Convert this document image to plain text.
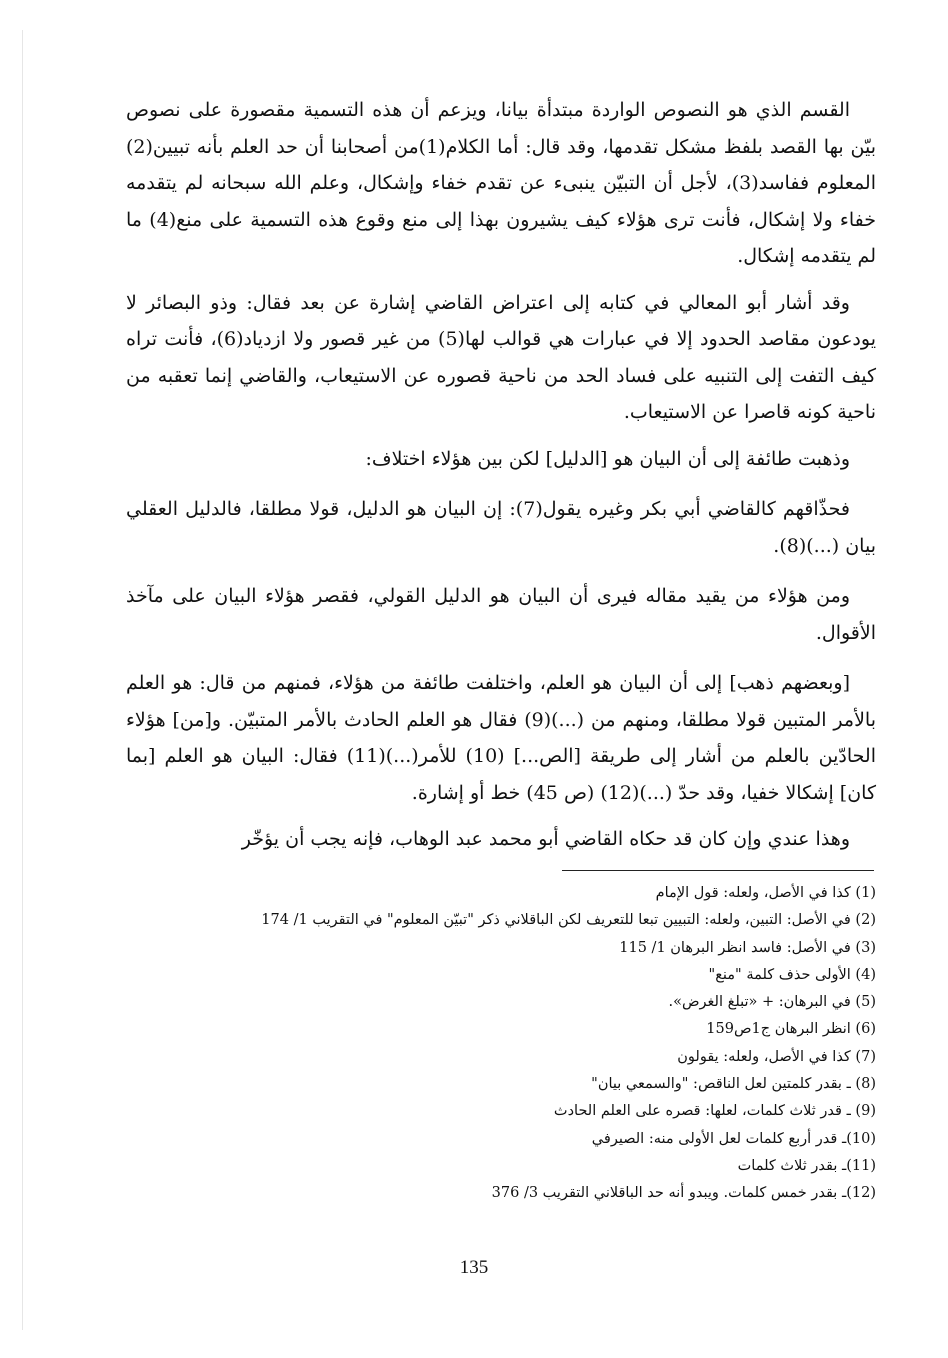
القسم الذي هو النصوص الواردة مبتدأة بيانا، ويزعم أن هذه التسمية مقصورة على نصوص بيّن بها القصد بلفظ مشكل تقدمها، وقد قال: أما الكلام(1)من أصحابنا أن حد العلم بأنه تبيين(2) المعلوم ففاسد(3)، لأجل أن التبيّن ينبىء عن تقدم خفاء وإشكال، وعلم الله سبحانه لم يتقدمه خفاء ولا إشكال، فأنت ترى هؤلاء كيف يشيرون بهذا إلى منع وقوع هذه التسمية على منع(4) ما لم يتقدمه إشكال.

وقد أشار أبو المعالي في كتابه إلى اعتراض القاضي إشارة عن بعد فقال: وذو البصائر لا يودعون مقاصد الحدود إلا في عبارات هي قوالب لها(5) من غير قصور ولا ازدياد(6)، فأنت تراه كيف التفت إلى التنبيه على فساد الحد من ناحية قصوره عن الاستيعاب، والقاضي إنما تعقبه من ناحية كونه قاصرا عن الاستيعاب.

وذهبت طائفة إلى أن البيان هو [الدليل] لكن بين هؤلاء اختلاف:

فحذّاقهم كالقاضي أبي بكر وغيره يقول(7): إن البيان هو الدليل، قولا مطلقا، فالدليل العقلي بيان (...)(8).

ومن هؤلاء من يقيد مقاله فيرى أن البيان هو الدليل القولي، فقصر هؤلاء البيان على مآخذ الأقوال.

[وبعضهم ذهب] إلى أن البيان هو العلم، واختلفت طائفة من هؤلاء، فمنهم من قال: هو العلم بالأمر المتبين قولا مطلقا، ومنهم من (...)(9) فقال هو العلم الحادث بالأمر المتبيّن. و[من] هؤلاء الحادّين بالعلم من أشار إلى طريقة [الص...] (10) للأمر(...)(11) فقال: البيان هو العلم [بما كان] إشكالا خفيا، وقد حدّ (...)(12) (ص 45) خط أو إشارة.

وهذا عندي وإن كان قد حكاه القاضي أبو محمد عبد الوهاب، فإنه يجب أن يؤخّر

(1) كذا في الأصل، ولعله: قول الإمام
(2) في الأصل: التبين، ولعله: التبيين تبعا للتعريف لكن الباقلاني ذكر "تبيّن المعلوم" في التقريب 1/ 174
(3) في الأصل: فاسد انظر البرهان 1/ 115
(4) الأولى حذف كلمة "منع"
(5) في البرهان: + «تبلغ الغرض».
(6) انظر البرهان ج1ص159
(7) كذا في الأصل، ولعله: يقولون
(8) ـ بقدر كلمتين لعل الناقص: "والسمعي بيان"
(9) ـ قدر ثلاث كلمات، لعلها: قصره على العلم الحادث
(10)ـ قدر أربع كلمات لعل الأولى منه: الصيرفي
(11)ـ بقدر ثلاث كلمات
(12)ـ بقدر خمس كلمات. ويبدو أنه حد الباقلاني التقريب 3/ 376
135
